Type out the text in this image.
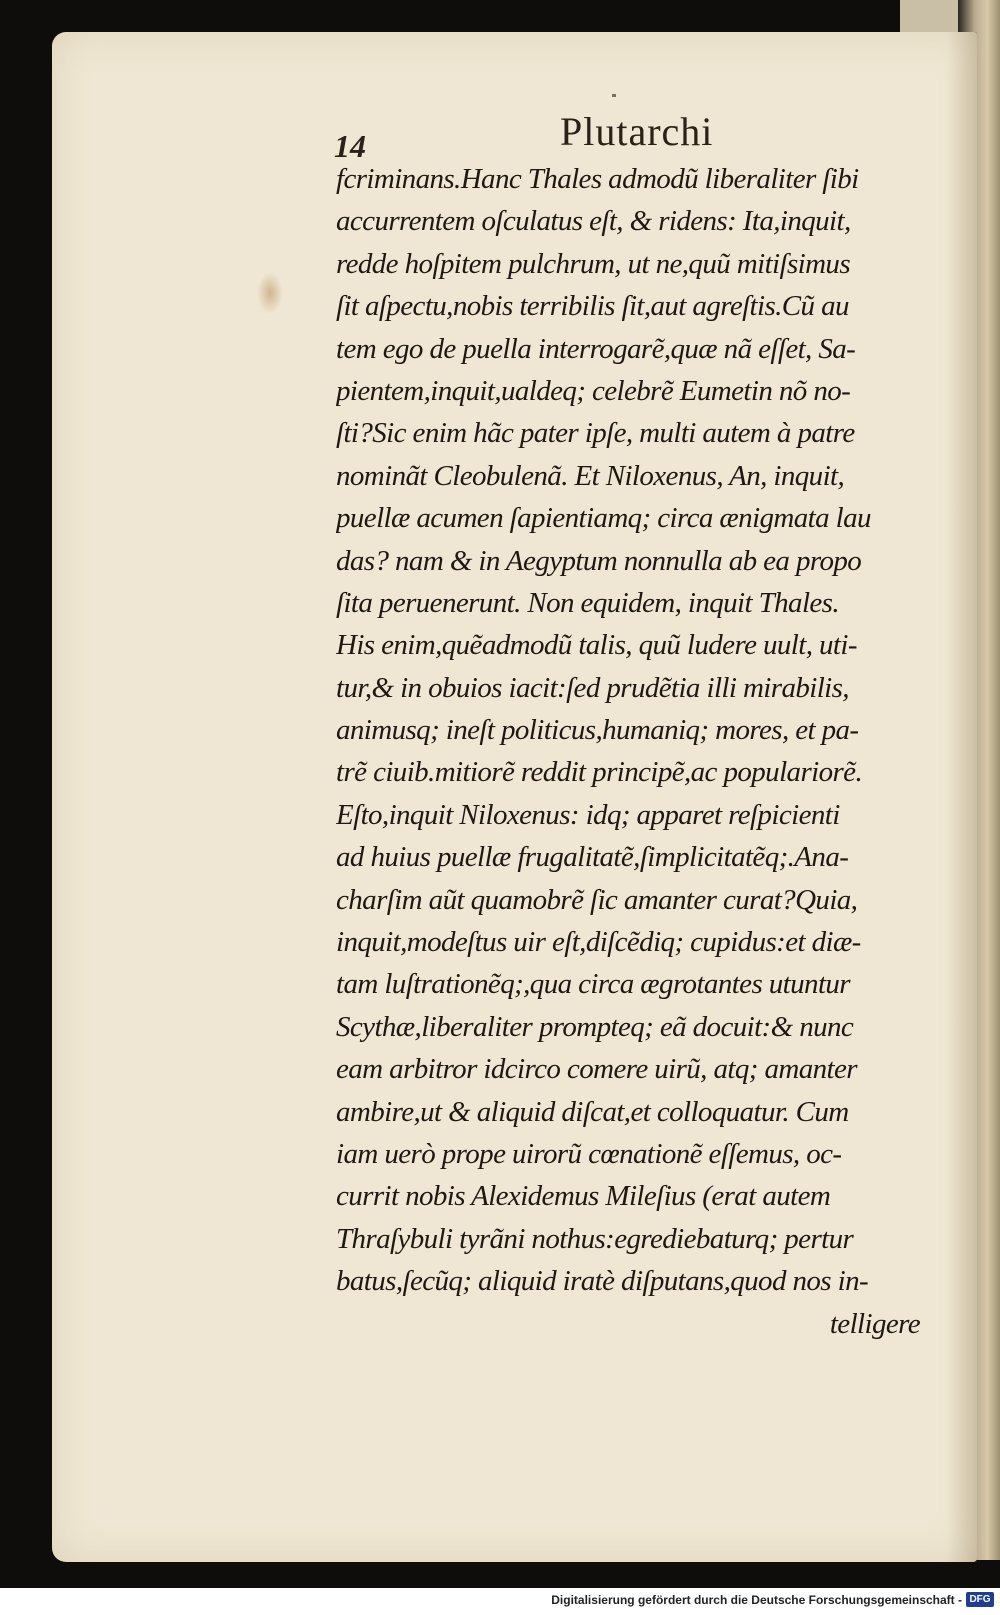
14	Plutarchi
fcriminans.Hanc Thales admodũ liberaliter ſibi
accurrentem oſculatus eſt, & ridens: Ita,inquit,
redde hoſpitem pulchrum, ut ne,quũ mitiſsimus
ſit aſpectu,nobis terribilis ſit,aut agreſtis.Cũ au
tem ego de puella interrogarẽ,quæ nã eſſet, Sa-
pientem,inquit,ualdeq; celebrẽ Eumetin nõ no-
ſti?Sic enim hãc pater ipſe, multi autem à patre
nominãt Cleobulenã. Et Niloxenus, An, inquit,
puellæ acumen ſapientiamq; circa ænigmata lau
das? nam & in Aegyptum nonnulla ab ea propo
ſita peruenerunt. Non equidem, inquit Thales.
His enim,quẽadmodũ talis, quũ ludere uult, uti-
tur,& in obuios iacit:ſed prudẽtia illi mirabilis,
animusq; ineſt politicus,humaniq; mores, et pa-
trẽ ciuib.mitiorẽ reddit principẽ,ac populariorẽ.
Eſto,inquit Niloxenus: idq; apparet reſpicienti
ad huius puellæ frugalitatẽ,ſimplicitatẽq;.Ana-
charſim aũt quamobrẽ ſic amanter curat?Quia,
inquit,modeſtus uir eſt,diſcẽdiq; cupidus:et diæ-
tam luſtrationẽq;,qua circa ægrotantes utuntur
Scythæ,liberaliter prompteq; eã docuit:& nunc
eam arbitror idcirco comere uirũ, atq; amanter
ambire,ut & aliquid diſcat,et colloquatur. Cum
iam uerò prope uirorũ cœnationẽ eſſemus, oc-
currit nobis Alexidemus Mileſius (erat autem
Thraſybuli tyrãni nothus:egrediebaturq; pertur
batus,ſecũq; aliquid iratè diſputans,quod nos in-
telligere
Digitalisierung gefördert durch die Deutsche Forschungsgemeinschaft - DFG
